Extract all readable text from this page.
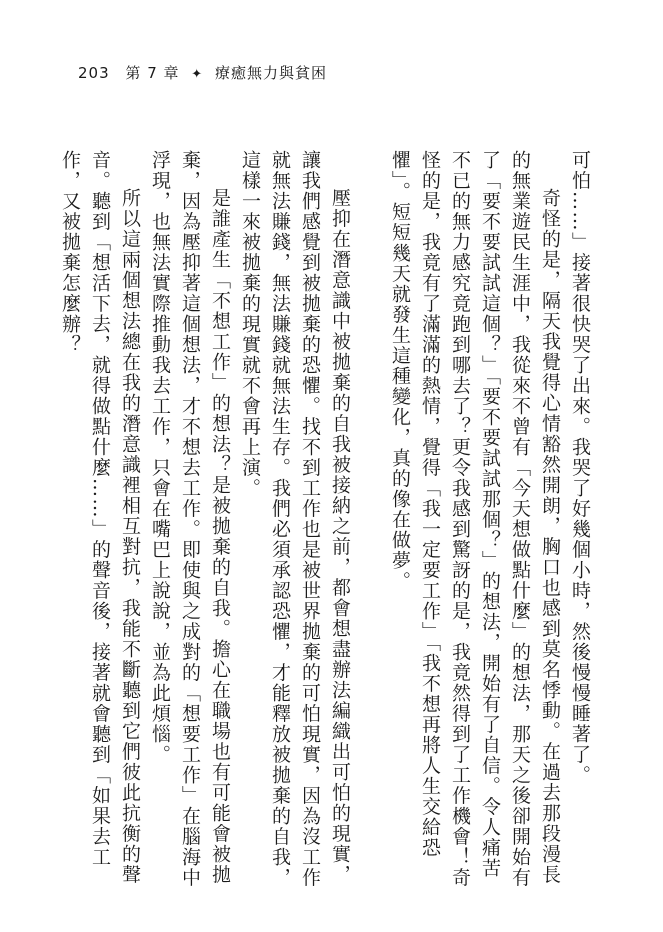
203 第 7 章 ✦ 療癒無力與貧困

可怕……」接著很快哭了出來。我哭了好幾個小時，然後慢慢睡著了。

奇怪的是，隔天我覺得心情豁然開朗，胸口也感到莫名悸動。在過去那段漫長的無業遊民生涯中，我從來不曾有「今天想做點什麼」的想法，那天之後卻開始有了「要不要試試這個？」「要不要試試那個？」的想法，開始有了自信。令人痛苦不已的無力感究竟跑到哪去了？更令我感到驚訝的是，我竟然得到了工作機會！奇怪的是，我竟有了滿滿的熱情，覺得「我一定要工作」「我不想再將人生交給恐懼」。短短幾天就發生這種變化，真的像在做夢。

壓抑在潛意識中被拋棄的自我被接納之前，都會想盡辦法編織出可怕的現實，讓我們感覺到被拋棄的恐懼。找不到工作也是被世界拋棄的可怕現實，因為沒工作就無法賺錢，無法賺錢就無法生存。我們必須承認恐懼，才能釋放被拋棄的自我，這樣一來被拋棄的現實就不會再上演。

是誰產生「不想工作」的想法？是被拋棄的自我。擔心在職場也有可能會被拋棄，因為壓抑著這個想法，才不想去工作。即使與之成對的「想要工作」在腦海中浮現，也無法實際推動我去工作，只會在嘴巴上說說，並為此煩惱。

所以這兩個想法總在我的潛意識裡相互對抗，我能不斷聽到它們彼此抗衡的聲音。聽到「想活下去，就得做點什麼……」的聲音後，接著就會聽到「如果去工作，又被拋棄怎麼辦？
